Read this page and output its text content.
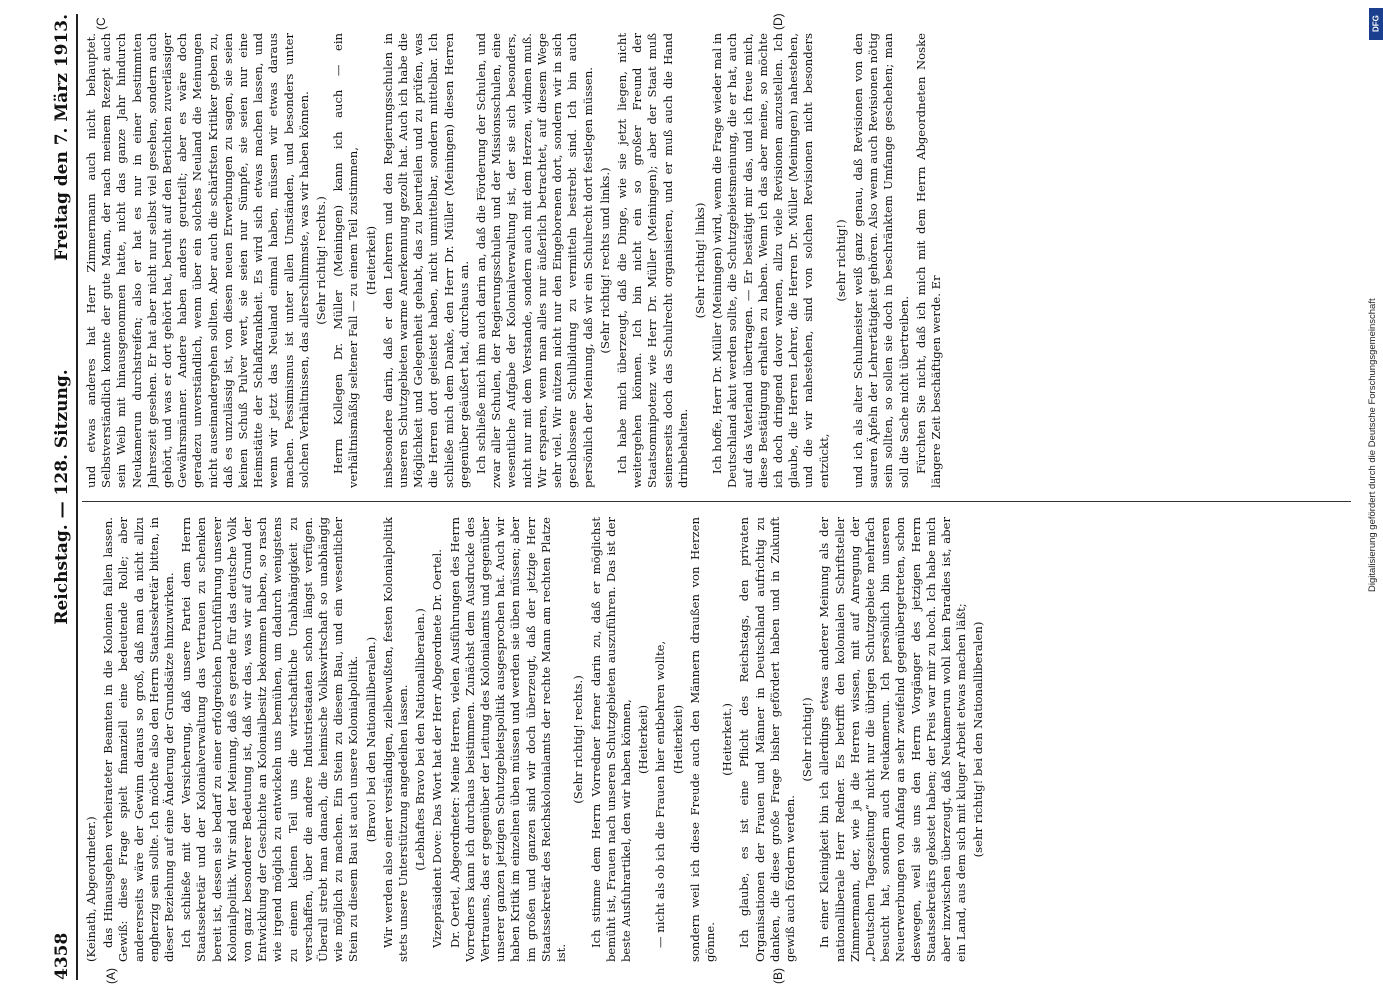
4358
Reichstag. — 128. Sitzung.
Freitag den 7. März 1913.

(Keinath, Abgeordneter.) das Hinausgehen verheirateter Beamten in die Kolonien fallen lassen. Gewiß: diese Frage spielt finanziell eine bedeutende Rolle; aber andererseits wäre der Gewinn daraus so groß, daß man da nicht allzu engherzig sein sollte. Ich möchte also den Herrn Staatssekretär bitten, in dieser Beziehung auf eine Änderung der Grundsätze hinzuwirken. Ich schließe mit der Versicherung, daß unsere Partei dem Herrn Staatssekretär und der Kolonialverwaltung das Vertrauen zu schenken bereit ist, dessen sie bedarf zu einer erfolgreichen Durchführung unserer Kolonialpolitik. Wir sind der Meinung, daß es gerade für das deutsche Volk von ganz besonderer Bedeutung ist, daß wir das, was wir auf Grund der Entwicklung der Geschichte an Kolonialbesitz bekommen haben, so rasch wie irgend möglich zu entwickeln uns bemühen, um dadurch wenigstens zu einem kleinen Teil uns die wirtschaftliche Unabhängigkeit zu verschaffen, über die andere Industriestaaten schon längst verfügen. Überall strebt man danach, die heimische Volkswirtschaft so unabhängig wie möglich zu machen. Ein Stein zu diesem Bau, und ein wesentlicher Stein zu diesem Bau ist auch unsere Kolonialpolitik. (Bravo! bei den Nationalliberalen.) Wir werden also einer verständigen, zielbewußten, festen Kolonialpolitik stets unsere Unterstützung angedeihen lassen. (Lebhaftes Bravo bei den Nationalliberalen.) Vizepräsident Dove: Das Wort hat der Herr Abgeordnete Dr. Oertel. Dr. Oertel, Abgeordneter: Meine Herren, vielen Ausführungen des Herrn Vorredners kann ich durchaus beistimmen. Zunächst dem Ausdrucke des Vertrauens, das er gegenüber der Leitung des Kolonialamts und gegenüber unserer ganzen jetzigen Schutzgebietspolitik ausgesprochen hat. Auch wir haben Kritik im einzelnen üben müssen und werden sie üben müssen; aber im großen und ganzen sind wir doch überzeugt, daß der jetzige Herr Staatssekretär des Reichskolonialamts der rechte Mann am rechten Platze ist.

(Sehr richtig! rechts.) Ich stimme dem Herrn Vorredner ferner darin zu, daß er möglichst bemüht ist, Frauen nach unseren Schutzgebieten auszuführen. Das ist der beste Ausfuhrartikel, den wir haben können, (Heiterkeit) — nicht als ob ich die Frauen hier entbehren wollte, (Heiterkeit) sondern weil ich diese Freude auch den Männern draußen von Herzen gönne.

(Heiterkeit.) Ich glaube, es ist eine Pflicht des Reichstags, den privaten Organisationen der Frauen und Männer in Deutschland aufrichtig zu danken, die diese große Frage bisher gefördert haben und in Zukunft gewiß auch fördern werden.

(Sehr richtig!) In einer Kleinigkeit bin ich allerdings etwas anderer Meinung als der nationalliberale Herr Redner. Es betrifft den kolonialen Schriftsteller Zimmermann, der, wie ja die Herren wissen, mit auf Anregung der „Deutschen Tageszeitung“ nicht nur die übrigen Schutzgebiete mehrfach besucht hat, sondern auch Neukamerun. Ich persönlich bin unseren Neuerwerbungen von Anfang an sehr zweifelnd gegenübergetreten, schon deswegen, weil sie uns den Herrn Vorgänger des jetzigen Herrn Staatssekretärs gekostet haben; der Preis war mir zu hoch. Ich habe mich aber inzwischen überzeugt, daß Neukamerun wohl kein Paradies ist, aber ein Land, aus dem sich mit kluger Arbeit etwas machen läßt; (sehr richtig! bei den Nationalliberalen)

und etwas anderes hat Herr Zimmermann auch nicht behauptet. Selbstverständlich konnte der gute Mann, der nach meinem Rezept auch sein Weib mit hinausgenommen hatte, nicht das ganze Jahr hindurch Neukamerun durchstreifen; also er hat es nur in einer bestimmten Jahreszeit gesehen. Er hat aber nicht nur selbst viel gesehen, sondern auch gehört, und was er dort gehört hat, beruht auf den Berichten zuverlässiger Gewährsmänner. Andere haben anders geurteilt; aber es wäre doch geradezu unverständlich, wenn über ein solches Neuland die Meinungen nicht auseinandergehen sollten. Aber auch die schärfsten Kritiker geben zu, daß es unzulässig ist, von diesen neuen Erwerbungen zu sagen, sie seien keinen Schuß Pulver wert, sie seien nur Sümpfe, sie seien nur eine Heimstätte der Schlafkrankheit. Es wird sich etwas machen lassen, und wenn wir jetzt das Neuland einmal haben, müssen wir etwas daraus machen. Pessimismus ist unter allen Umständen, und besonders unter solchen Verhältnissen, das allerschlimmste, was wir haben können. (Sehr richtig! rechts.) Herrn Kollegen Dr. Müller (Meiningen) kann ich auch — ein verhältnismäßig seltener Fall — zu einem Teil zustimmen, (Heiterkeit) insbesondere darin, daß er den Lehrern und den Regierungsschulen in unseren Schutzgebieten warme Anerkennung gezollt hat. Auch ich habe die Möglichkeit und Gelegenheit gehabt, das zu beurteilen und zu prüfen, was die Herren dort geleistet haben, nicht unmittelbar, sondern mittelbar. Ich schließe mich dem Danke, den Herr Dr. Müller (Meiningen) diesen Herren gegenüber geäußert hat, durchaus an. Ich schließe mich ihm auch darin an, daß die Förderung der Schulen, und zwar aller Schulen, der Regierungsschulen und der Missionsschulen, eine wesentliche Aufgabe der Kolonialverwaltung ist, der sie sich besonders, nicht nur mit dem Verstande, sondern auch mit dem Herzen, widmen muß. Wir ersparen, wenn man alles nur äußerlich betrachtet, auf diesem Wege sehr viel. Wir nützen nicht nur den Eingeborenen dort, sondern wir in sich geschlossene Schulbildung zu vermitteln bestrebt sind. Ich bin auch persönlich der Meinung, daß wir ein Schulrecht dort festlegen müssen. (Sehr richtig! rechts und links.) Ich habe mich überzeugt, daß die Dinge, wie sie jetzt liegen, nicht weitergehen können. Ich bin nicht ein so großer Freund der Staatsomnipotenz wie Herr Dr. Müller (Meiningen); aber der Staat muß seinerseits doch das Schulrecht organisieren, und er muß auch die Hand drinbehalten.

(Sehr richtig! links) Ich hoffe, Herr Dr. Müller (Meiningen) wird, wenn die Frage wieder mal in Deutschland akut werden sollte, die Schutzgebietsmeinung, die er hat, auch auf das Vaterland übertragen. — Er bestätigt mir das, und ich freue mich, diese Bestätigung erhalten zu haben. Wenn ich das aber meine, so möchte ich doch dringend davor warnen, allzu viele Revisionen anzustellen. Ich glaube, die Herren Lehrer, die Herren Dr. Müller (Meiningen) nahestehen, und die wir nahestehen, sind von solchen Revisionen nicht besonders entzückt,

(sehr richtig!) und ich als alter Schulmeister weiß ganz genau, daß Revisionen von den sauren Äpfeln der Lehrertätigkeit gehören. Also wenn auch Revisionen nötig sein sollten, so sollen sie doch in beschränktem Umfange geschehen; man soll die Sache nicht übertreiben. Fürchten Sie nicht, daß ich mich mit dem Herrn Abgeordneten Noske längere Zeit beschäftigen werde. Er

(A)	(B)
(C	(D)	DFG
Digitalisierung gefördert durch die Deutsche Forschungsgemeinschaft
